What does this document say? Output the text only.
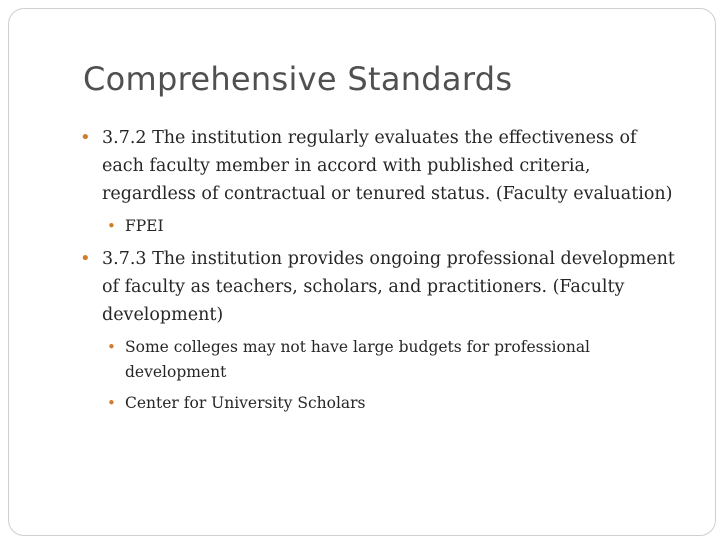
Comprehensive Standards
• 3.7.2 The institution regularly evaluates the effectiveness of each faculty member in accord with published criteria, regardless of contractual or tenured status. (Faculty evaluation)
• FPEI
• 3.7.3 The institution provides ongoing professional development of faculty as teachers, scholars, and practitioners. (Faculty development)
• Some colleges may not have large budgets for professional development
• Center for University Scholars
